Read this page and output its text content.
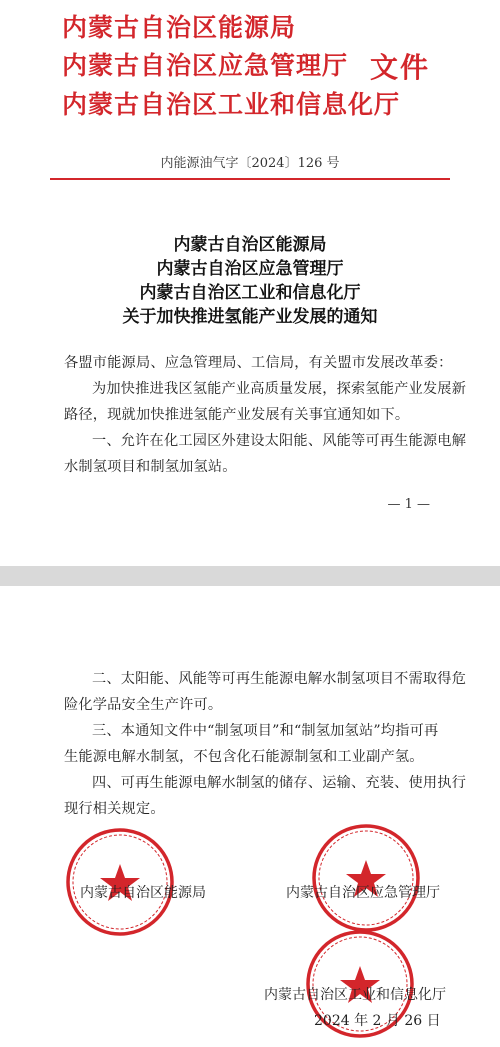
内蒙古自治区能源局
内蒙古自治区应急管理厅
内蒙古自治区工业和信息化厅
文件
内能源油气字〔2024〕126 号
内蒙古自治区能源局
内蒙古自治区应急管理厅
内蒙古自治区工业和信息化厅
关于加快推进氢能产业发展的通知
各盟市能源局、应急管理局、工信局，有关盟市发展改革委：
为加快推进我区氢能产业高质量发展，探索氢能产业发展新
路径，现就加快推进氢能产业发展有关事宜通知如下。
一、允许在化工园区外建设太阳能、风能等可再生能源电解
水制氢项目和制氢加氢站。
— 1 —
二、太阳能、风能等可再生能源电解水制氢项目不需取得危
险化学品安全生产许可。
三、本通知文件中“制氢项目”和“制氢加氢站”均指可再
生能源电解水制氢，不包含化石能源制氢和工业副产氢。
四、可再生能源电解水制氢的储存、运输、充装、使用执行
现行相关规定。
内蒙古自治区能源局	内蒙古自治区应急管理厅
内蒙古自治区工业和信息化厅
2024 年 2 月 26 日
